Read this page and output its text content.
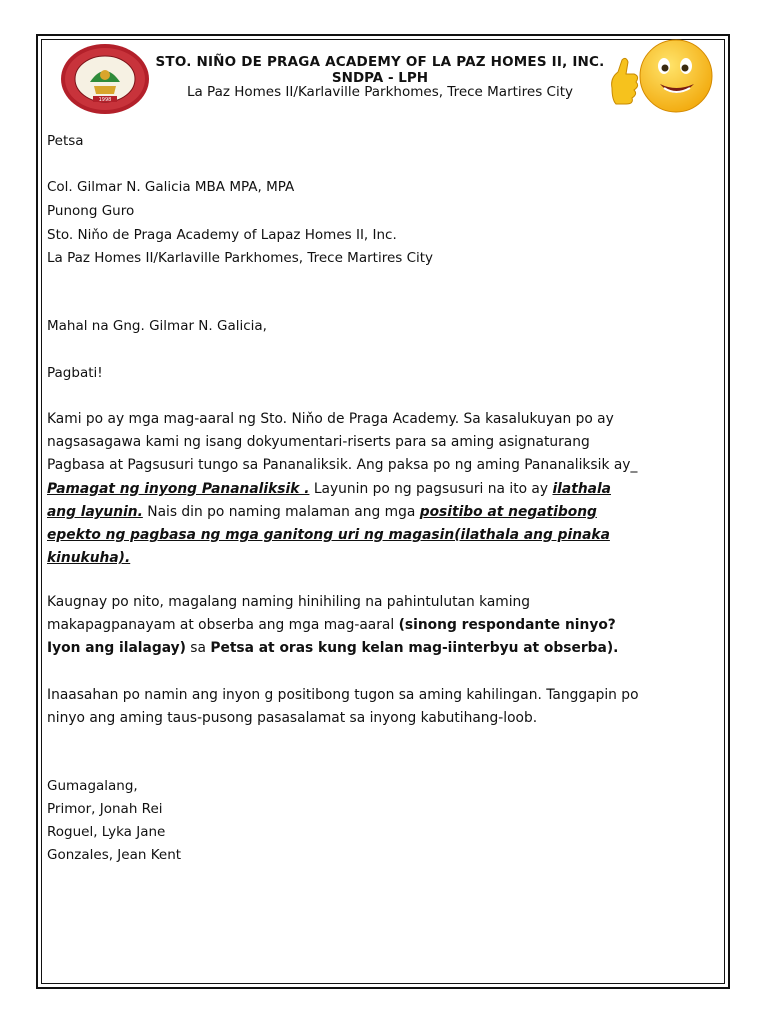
1998
STO. NIÑO DE PRAGA ACADEMY OF LA PAZ HOMES II, INC.
SNDPA - LPH
La Paz Homes II/Karlaville Parkhomes, Trece Martires City
Petsa
Col. Gilmar N. Galicia MBA MPA, MPA
Punong Guro
Sto. Niňo de Praga Academy of Lapaz Homes II, Inc.
La Paz Homes II/Karlaville Parkhomes, Trece Martires City
Mahal na Gng. Gilmar N. Galicia,
Pagbati!
Kami po ay mga mag-aaral ng Sto. Niňo de Praga Academy. Sa kasalukuyan po ay
nagsasagawa kami ng isang dokyumentari-riserts para sa aming asignaturang
Pagbasa at Pagsusuri tungo sa Pananaliksik. Ang paksa po ng aming Pananaliksik ay_
Pamagat ng inyong Pananaliksik . Layunin po ng pagsusuri na ito ay ilathala
ang layunin. Nais din po naming malaman ang mga positibo at negatibong
epekto ng pagbasa ng mga ganitong uri ng magasin(ilathala ang pinaka
kinukuha).
Kaugnay po nito, magalang naming hinihiling na pahintulutan kaming
makapagpanayam at obserba ang mga mag-aaral (sinong respondante ninyo?
Iyon ang ilalagay) sa Petsa at oras kung kelan mag-iinterbyu at obserba).
Inaasahan po namin ang inyon g positibong tugon sa aming kahilingan. Tanggapin po
ninyo ang aming taus-pusong pasasalamat sa inyong kabutihang-loob.
Gumagalang,
Primor, Jonah Rei
Roguel, Lyka Jane
Gonzales, Jean Kent
